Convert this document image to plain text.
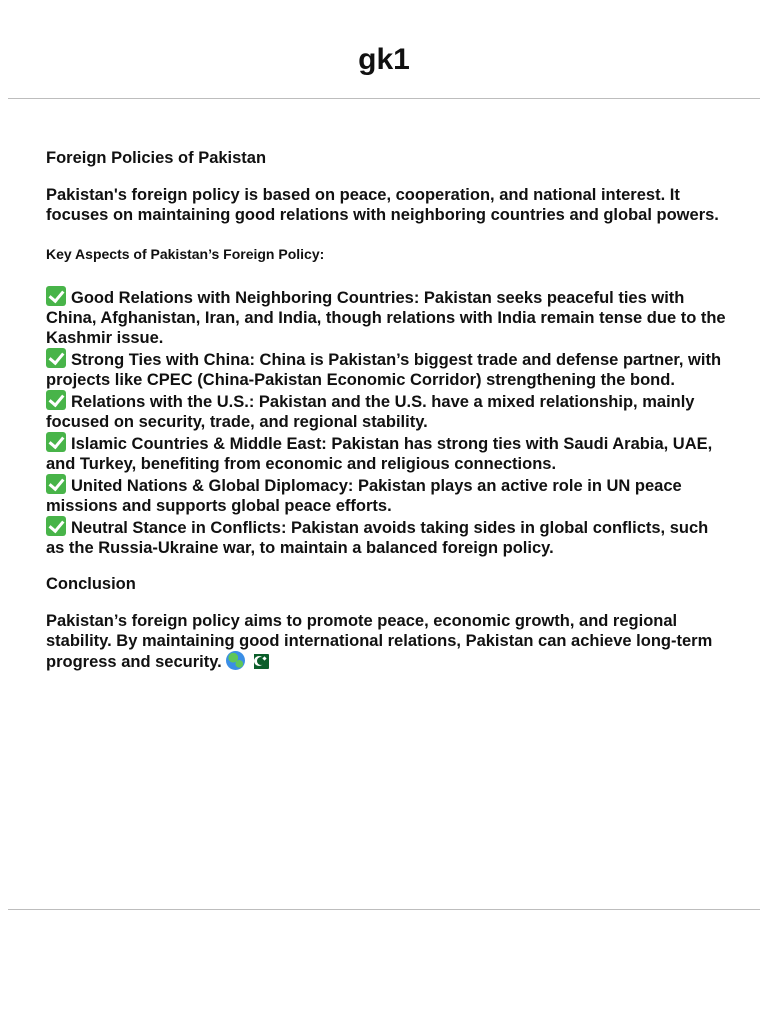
gk1

Foreign Policies of Pakistan

Pakistan's foreign policy is based on peace, cooperation, and national interest. It focuses on maintaining good relations with neighboring countries and global powers.

Key Aspects of Pakistan’s Foreign Policy:

Good Relations with Neighboring Countries: Pakistan seeks peaceful ties with China, Afghanistan, Iran, and India, though relations with India remain tense due to the Kashmir issue.
Strong Ties with China: China is Pakistan’s biggest trade and defense partner, with projects like CPEC (China-Pakistan Economic Corridor) strengthening the bond.
Relations with the U.S.: Pakistan and the U.S. have a mixed relationship, mainly focused on security, trade, and regional stability.
Islamic Countries & Middle East: Pakistan has strong ties with Saudi Arabia, UAE, and Turkey, benefiting from economic and religious connections.
United Nations & Global Diplomacy: Pakistan plays an active role in UN peace missions and supports global peace efforts.
Neutral Stance in Conflicts: Pakistan avoids taking sides in global conflicts, such as the Russia-Ukraine war, to maintain a balanced foreign policy.

Conclusion

Pakistan’s foreign policy aims to promote peace, economic growth, and regional stability. By maintaining good international relations, Pakistan can achieve long-term progress and security.
